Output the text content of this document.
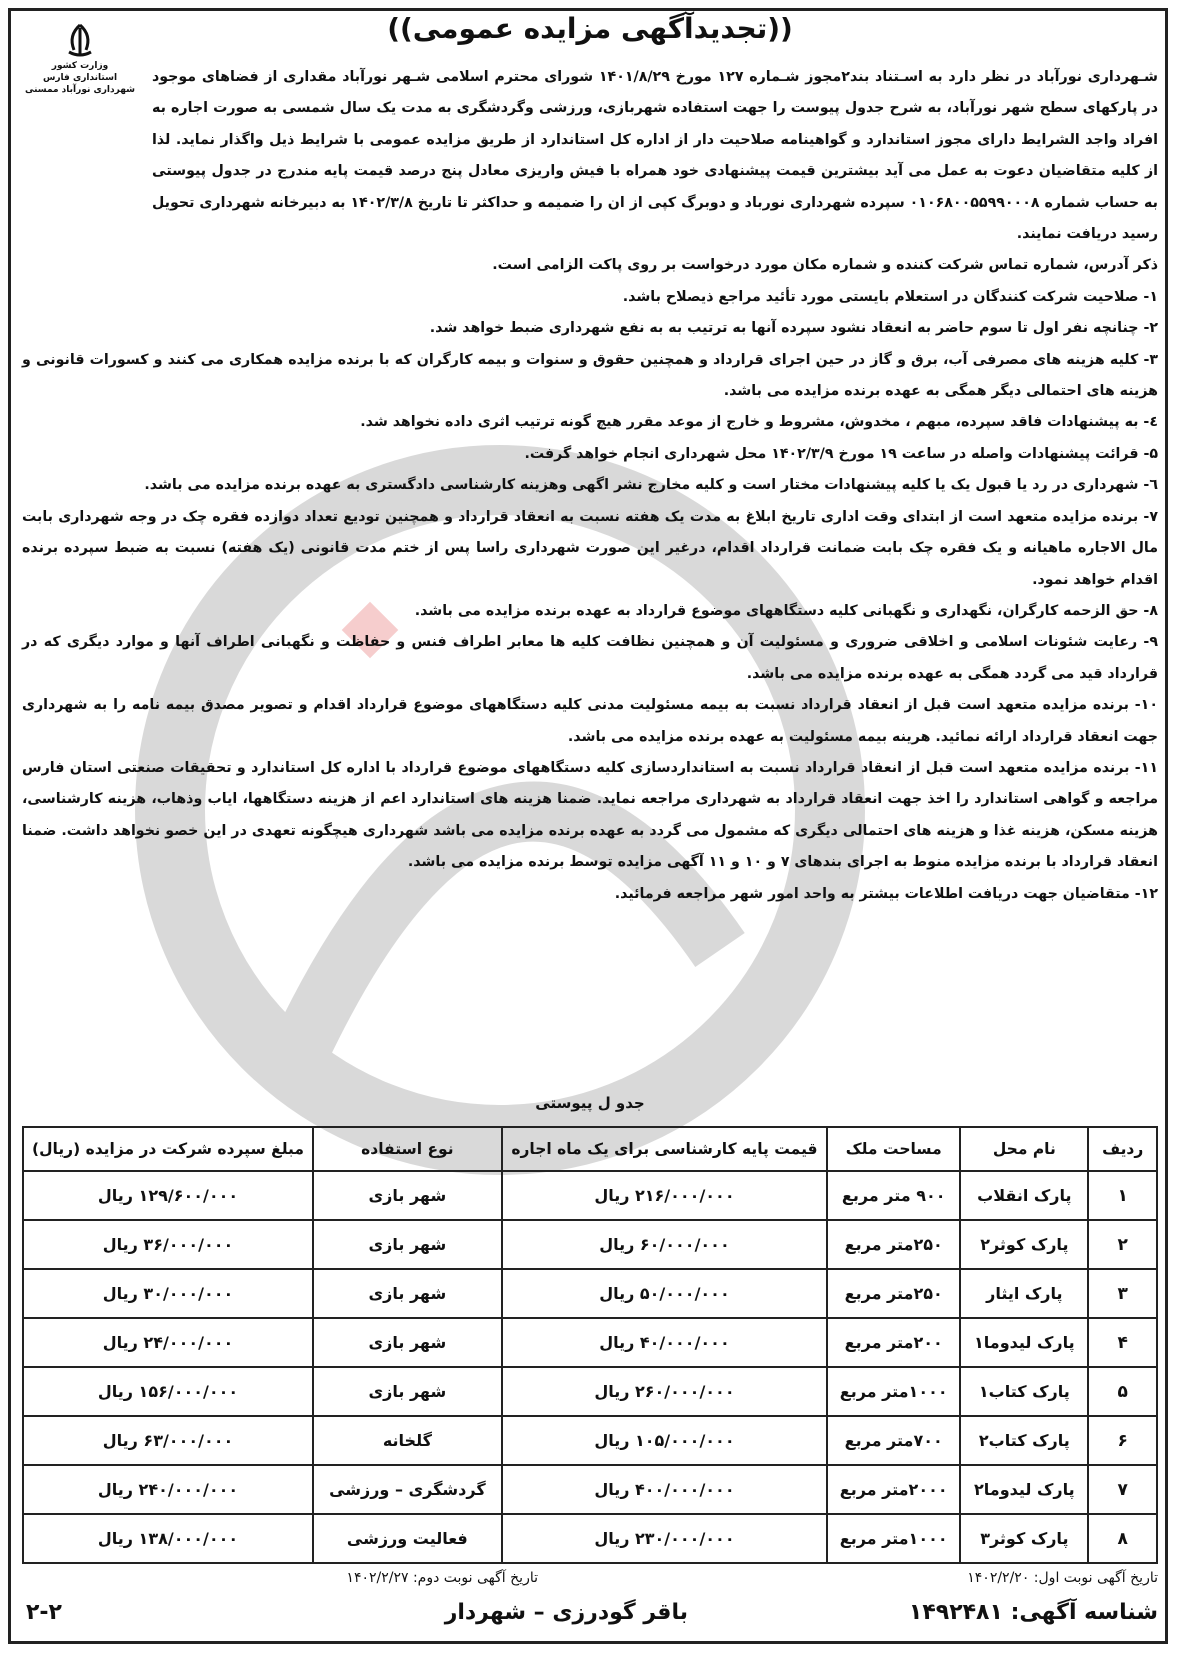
وزارت کشور
استانداری فارس
شهرداری نورآباد ممسنی
((تجدیدآگهی مزایده عمومی))

شـهرداری نورآباد در نظر دارد به اسـتناد بند۲مجوز شـماره ۱۲۷ مورخ ۱۴۰۱/۸/۲۹ شورای محترم اسلامی شـهر نورآباد مقداری از فضاهای موجود در پارکهای سطح شهر نورآباد، به شرح جدول پیوست را جهت استفاده شهربازی، ورزشی وگردشگری به مدت یک سال شمسی به صورت اجاره به افراد واجد الشرایط دارای مجوز استاندارد و گواهینامه صلاحیت دار از اداره کل استاندارد از طریق مزایده عمومی با شرایط ذیل واگذار نماید. لذا از کلیه متقاضیان دعوت به عمل می آید بیشترین قیمت پیشنهادی خود همراه با فیش واریزی معادل پنج درصد قیمت پایه مندرج در جدول پیوستی به حساب شماره ۰۱۰۶۸۰۰۵۵۹۹۰۰۰۸ سپرده شهرداری نورباد و دوبرگ کپی از ان را ضمیمه و حداکثر تا تاریخ ۱۴۰۲/۳/۸ به دبیرخانه شهرداری تحویل رسید دریافت نمایند.

ذکر آدرس، شماره تماس شرکت کننده و شماره مکان مورد درخواست بر روی پاکت الزامی است.

۱- صلاحیت شرکت کنندگان در استعلام بایستی مورد تأئید مراجع ذیصلاح باشد.

۲- چنانچه نفر اول تا سوم حاضر به انعقاد نشود سپرده آنها به ترتیب به به نفع شهرداری ضبط خواهد شد.

۳- کلیه هزینه های مصرفی آب، برق و گاز در حین اجرای قرارداد و همچنین حقوق و سنوات و بیمه کارگران که با برنده مزایده همکاری می کنند و کسورات قانونی و هزینه های احتمالی دیگر همگی به عهده برنده مزایده می باشد.

٤- به پیشنهادات فاقد سپرده، مبهم ، مخدوش، مشروط و خارج از موعد مقرر هیچ گونه ترتیب اثری داده نخواهد شد.

۵- قرائت پیشنهادات واصله در ساعت ۱۹ مورخ ۱۴۰۲/۳/۹ محل شهرداری انجام خواهد گرفت.

٦- شهرداری در رد یا قبول یک یا کلیه پیشنهادات مختار است و کلیه مخارج نشر اگهی وهزینه کارشناسی دادگستری به عهده برنده مزایده می باشد.

۷- برنده مزایده متعهد است از ابتدای وقت اداری تاریخ ابلاغ به مدت یک هفته نسبت به انعقاد قرارداد و همچنین تودیع تعداد دوازده فقره چک در وجه شهرداری بابت مال الاجاره ماهیانه و یک فقره چک بابت ضمانت قرارداد اقدام، درغیر این صورت شهرداری راسا پس از ختم مدت قانونی (یک هفته) نسبت به ضبط سپرده برنده اقدام خواهد نمود.

۸- حق الزحمه کارگران، نگهداری و نگهبانی کلیه دستگاههای موضوع قرارداد به عهده برنده مزایده می باشد.

۹- رعایت شئونات اسلامی و اخلاقی ضروری و مسئولیت آن و همچنین نظافت کلیه ها معابر اطراف فنس و حفاظت و نگهبانی اطراف آنها و موارد دیگری که در قرارداد قید می گردد همگی به عهده برنده مزایده می باشد.

۱۰- برنده مزایده متعهد است قبل از انعقاد قرارداد نسبت به بیمه مسئولیت مدنی کلیه دستگاههای موضوع قرارداد اقدام و تصویر مصدق بیمه نامه را به شهرداری جهت انعقاد قرارداد ارائه نمائید. هرینه بیمه مسئولیت به عهده برنده مزایده می باشد.

۱۱- برنده مزایده متعهد است قبل از انعقاد قرارداد نسبت به استانداردسازی کلیه دستگاههای موضوع قرارداد با اداره کل استاندارد و تحقیقات صنعتی استان فارس مراجعه و گواهی استاندارد را اخذ جهت انعقاد قرارداد به شهرداری مراجعه نماید. ضمنا هزینه های استاندارد اعم از هزینه دستگاهها، ایاب وذهاب، هزینه کارشناسی، هزینه مسکن، هزینه غذا و هزینه های احتمالی دیگری که مشمول می گردد به عهده برنده مزایده می باشد شهرداری هیچگونه تعهدی در این خصو نخواهد داشت. ضمنا انعقاد قرارداد با برنده مزایده منوط به اجرای بندهای ۷ و ۱۰ و ۱۱ آگهی مزایده توسط برنده مزایده می باشد.

۱۲- متقاضیان جهت دریافت اطلاعات بیشتر به واحد امور شهر مراجعه فرمائید.

جدو ل پیوستی
ردیف	نام محل	مساحت ملک	قیمت پایه کارشناسی برای یک ماه اجاره	نوع استفاده	مبلغ سپرده شرکت در مزایده (ریال)
۱	پارک انقلاب	۹۰۰ متر مربع	۲۱۶/۰۰۰/۰۰۰ ریال	شهر بازی	۱۲۹/۶۰۰/۰۰۰ ریال
۲	پارک کوثر۲	۲۵۰متر مربع	۶۰/۰۰۰/۰۰۰ ریال	شهر بازی	۳۶/۰۰۰/۰۰۰ ریال
۳	پارک ایثار	۲۵۰متر مربع	۵۰/۰۰۰/۰۰۰ ریال	شهر بازی	۳۰/۰۰۰/۰۰۰ ریال
۴	پارک لیدوما۱	۲۰۰متر مربع	۴۰/۰۰۰/۰۰۰ ریال	شهر بازی	۲۴/۰۰۰/۰۰۰ ریال
۵	پارک کتاب۱	۱۰۰۰متر مربع	۲۶۰/۰۰۰/۰۰۰ ریال	شهر بازی	۱۵۶/۰۰۰/۰۰۰ ریال
۶	پارک کتاب۲	۷۰۰متر مربع	۱۰۵/۰۰۰/۰۰۰ ریال	گلخانه	۶۳/۰۰۰/۰۰۰ ریال
۷	پارک لیدوما۲	۲۰۰۰متر مربع	۴۰۰/۰۰۰/۰۰۰ ریال	گردشگری – ورزشی	۲۴۰/۰۰۰/۰۰۰ ریال
۸	پارک کوثر۳	۱۰۰۰متر مربع	۲۳۰/۰۰۰/۰۰۰ ریال	فعالیت ورزشی	۱۳۸/۰۰۰/۰۰۰ ریال
تاریخ آگهی نوبت اول: ۱۴۰۲/۲/۲۰
تاریخ آگهی نوبت دوم: ۱۴۰۲/۲/۲۷
شناسه آگهی: ۱۴۹۲۴۸۱
باقر گودرزی – شهردار
۲-۲
